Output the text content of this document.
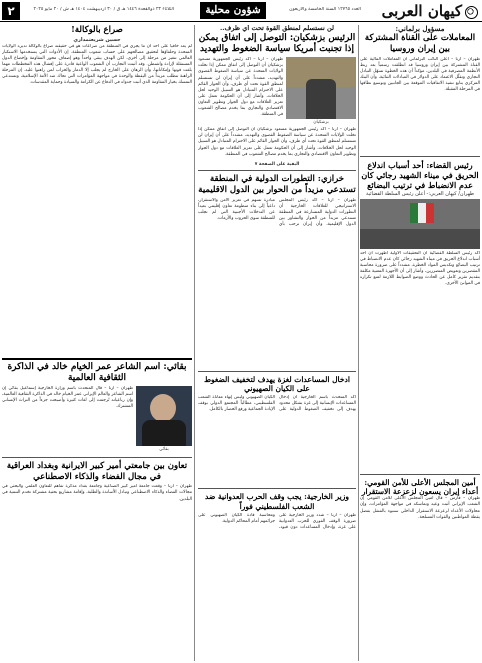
٢	الثلاثاء ٢٣ ذوالقعدة ١٤٤٦ هـ ق / ٣٠ اردیبهشت ١٤٠٤ هـ ش / ٢٠ مایو ٢٠٢٥	شؤون محلية	العدد ١٢٧٦٥ السنة الخامسة والأربعون	کیهان العربی
مسؤول برلماني:
المعاملات على القناة المشتركة بين إيران وروسيا
طهران – ارنا – أعلن النائب البرلماني أن المعاملات المالية على القناة المشتركة بين إيران وروسيا قد انطلقت رسمياً بعد ربط الأنظمة المصرفية في البلدين، مؤكداً أن هذه الخطوة تسهّل التبادل التجاري وتقلّل الاعتماد على الدولار في المبادلات الثنائية، وأن البنك المركزي يتابع تنفيذ الاتفاقيات الموقعة بين الجانبين وتوسيع نطاقها في المرحلة المقبلة.
رئيس القضاء: أحد أسباب اندلاع الحريق في ميناء الشهيد رجائي كان عدم الانضباط في ترتيب البضائع
طهران/ كيهان العربي:- أعلن رئيس السلطة القضائية
أكد رئيس السلطة القضائية أن التحقيقات الأولية أظهرت أن أحد أسباب اندلاع الحريق في ميناء الشهيد رجائي كان عدم الانضباط في ترتيب البضائع وتكديس المواد الخطرة، مشدداً على ضرورة محاسبة المقصرين وتعويض المتضررين، وأشار إلى أن الأجهزة المعنية مكلفة بتقديم تقرير كامل عن الحادث ووضع الضوابط اللازمة لمنع تكراره في الموانئ الأخرى.
أمين المجلس الأعلى للأمن القومي: أعداء إيران يسعون لزعزعة الاستقرار
طهران – فارس – قال أمين المجلس الأعلى للأمن القومي إن الشعب الإيراني أثبت وعيه وتماسكه في مواجهة المؤامرات، وإن محاولات الأعداء لزعزعة الاستقرار الداخلي ستبوء بالفشل بفضل يقظة المواطنين والقوات المسلحة.
لن نستسلم لمنطق القوة تحت أي ظرف..
الرئيس بزشكيان: التوصل إلى اتفاق يمكن إذا تجنبت أمريكا سياسة الضغوط والتهديد
بزشكيان
طهران – ارنا – أكد رئيس الجمهورية مسعود بزشكيان أن التوصل إلى اتفاق ممكن إذا تخلت الولايات المتحدة عن سياسة الضغوط القصوى والتهديد، مشدداً على أن إيران لن تستسلم لمنطق القوة تحت أي ظرف، وأن الحوار القائم على الاحترام المتبادل هو السبيل الوحيد لحل الخلافات، وأشار إلى أن الحكومة تعمل على تعزيز العلاقات مع دول الجوار وتطوير التعاون الاقتصادي والتجاري بما يخدم مصالح الشعوب في المنطقة.
طهران – ارنا – أكد رئيس الجمهورية مسعود بزشكيان أن التوصل إلى اتفاق ممكن إذا تخلت الولايات المتحدة عن سياسة الضغوط القصوى والتهديد، مشدداً على أن إيران لن تستسلم لمنطق القوة تحت أي ظرف، وأن الحوار القائم على الاحترام المتبادل هو السبيل الوحيد لحل الخلافات، وأشار إلى أن الحكومة تعمل على تعزيز العلاقات مع دول الجوار وتطوير التعاون الاقتصادي والتجاري بما يخدم مصالح الشعوب في المنطقة.
البقية على الصفحة ٧
خرازي: التطورات الدولية في المنطقة تستدعي مزيداً من الحوار بين الدول الاقليمية
طهران – ارنا – أكد رئيس المجلس الاستراتيجي للعلاقات الخارجية أن التطورات الدولية المتسارعة في المنطقة تستدعي مزيداً من الحوار والتشاور بين الدول الإقليمية، وأن إيران ترحب بأي مبادرة تسهم في تعزيز الأمن والاستقرار، داعياً إلى بناء منظومة تعاون إقليمي بعيداً عن التدخلات الأجنبية التي لم تجلب للمنطقة سوى الحروب والأزمات.
ادخال المساعدات لغزة يهدف لتخفيف الضغوط على الكيان الصهيوني
أكد المتحدث باسم الخارجية أن إدخال المساعدات الإنسانية إلى غزة بشكل محدود يهدف إلى تخفيف الضغوط الدولية على الكيان الصهيوني وليس إنهاء معاناة الشعب الفلسطيني، مطالباً المجتمع الدولي بوقف الإبادة الجماعية ورفع الحصار بالكامل.
وزير الخارجية: يجب وقف الحرب العدوانية ضد الشعب الفلسطيني فوراً
طهران – ارنا – شدد وزير الخارجية على ضرورة الوقف الفوري للحرب العدوانية على غزة، وإدخال المساعدات دون قيود، ومحاسبة قادة الكيان الصهيوني على جرائمهم أمام المحاكم الدولية.
صراع بالوكالة!
حسين شريعتمداري
لم يعد خافياً على أحد أن ما يجري في المنطقة من صراعات هو في حقيقته صراع بالوكالة تديره الولايات المتحدة وحلفاؤها لتحقيق مصالحهم على حساب شعوب المنطقة. إن الأدوات التي يستخدمها الاستكبار العالمي تتغير من مرحلة إلى أخرى، لكن الهدف يبقى واحداً وهو إضعاف محور المقاومة وإخضاع الدول المستقلة لإرادة واشنطن. وقد أثبتت التجارب أن الشعوب الواعية قادرة على إفشال هذه المخططات مهما بلغت قوتها وإمكاناتها، وأن الرهان على الخارج لم يجلب إلا الدمار والخراب لمن راهنوا عليه. إن المرحلة الراهنة تتطلب مزيداً من اليقظة والوحدة في مواجهة المؤامرات التي تحاك ضد الأمة الإسلامية، وتستدعي التمسك بخيار المقاومة الذي أثبت جدواه في الدفاع عن الكرامة والسيادة وحماية المقدسات.
بقائي: اسم الشاعر عمر الخيام خالد في الذاكرة الثقافية العالمية
بقائي
طهران – ارنا – قال المتحدث باسم وزارة الخارجية إسماعيل بقائي إن اسم الشاعر والعالم الإيراني عمر الخيام خالد في الذاكرة الثقافية العالمية، وإن رباعياته تُرجمت إلى لغات كثيرة وأصبحت جزءاً من التراث الإنساني المشترك.
تعاون بين جامعتي أمير كبير الايرانية وبغداد العراقية في مجال الفضاء والذكاء الاصطناعي
طهران – ارنا – وقّعت جامعة أمير كبير الصناعية وجامعة بغداد مذكرة تفاهم للتعاون العلمي والبحثي في مجالات الفضاء والذكاء الاصطناعي وتبادل الأساتذة والطلبة، وإقامة مشاريع بحثية مشتركة تخدم التنمية في البلدين.
